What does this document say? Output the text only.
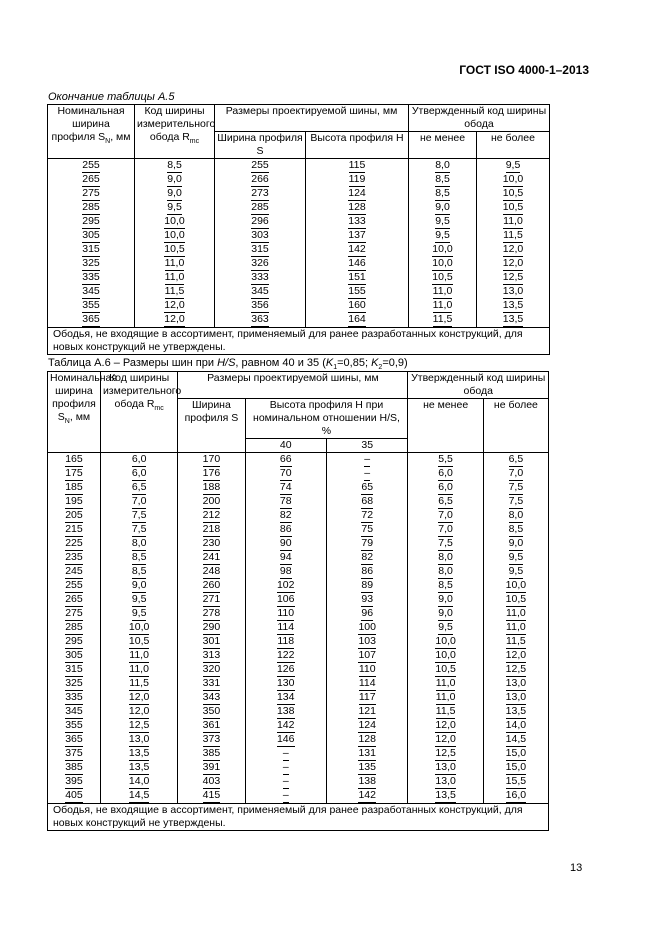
ГОСТ ISO 4000-1–2013
Окончание таблицы А.5
Номинальная ширина профиля $S_N$, мм	Код ширины измерительного обода $R_{mc}$	Размеры проектируемой шины, мм		Утвержденный код ширины обода	
		Ширина профиля S	Высота профиля H	не менее	не более
255	8,5	255	115	8,0	9,5
265	9,0	266	119	8,5	10,0
275	9,0	273	124	8,5	10,5
285	9,5	285	128	9,0	10,5
295	10,0	296	133	9,5	11,0
305	10,0	303	137	9,5	11,5
315	10,5	315	142	10,0	12,0
325	11,0	326	146	10,0	12,0
335	11,0	333	151	10,5	12,5
345	11,5	345	155	11,0	13,0
355	12,0	356	160	11,0	13,5
365	12,0	363	164	11,5	13,5
Ободья, не входящие в ассортимент, применяемый для ранее разработанных конструкций, для новых конструкций не утверждены.					
Таблица А.6 – Размеры шин при H/S, равном 40 и 35 ($K_1=0,85$; $K_2=0,9$)
Номинальная ширина профиля $S_N$, мм	Код ширины измерительного обода $R_{mc}$	Размеры проектируемой шины, мм			Утвержденный код ширины обода	
		Ширина профиля S	Высота профиля H при номинальном отношении H/S, %		не менее	не более
			40	35		
165	6,0	170	66	–	5,5	6,5
175	6,0	176	70	–	6,0	7,0
185	6,5	188	74	65	6,0	7,5
195	7,0	200	78	68	6,5	7,5
205	7,5	212	82	72	7,0	8,0
215	7,5	218	86	75	7,0	8,5
225	8,0	230	90	79	7,5	9,0
235	8,5	241	94	82	8,0	9,5
245	8,5	248	98	86	8,0	9,5
255	9,0	260	102	89	8,5	10,0
265	9,5	271	106	93	9,0	10,5
275	9,5	278	110	96	9,0	11,0
285	10,0	290	114	100	9,5	11,0
295	10,5	301	118	103	10,0	11,5
305	11,0	313	122	107	10,0	12,0
315	11,0	320	126	110	10,5	12,5
325	11,5	331	130	114	11,0	13,0
335	12,0	343	134	117	11,0	13,0
345	12,0	350	138	121	11,5	13,5
355	12,5	361	142	124	12,0	14,0
365	13,0	373	146	128	12,0	14,5
375	13,5	385	–	131	12,5	15,0
385	13,5	391	–	135	13,0	15,0
395	14,0	403	–	138	13,0	15,5
405	14,5	415	–	142	13,5	16,0
Ободья, не входящие в ассортимент, применяемый для ранее разработанных конструкций, для новых конструкций не утверждены.						
13
